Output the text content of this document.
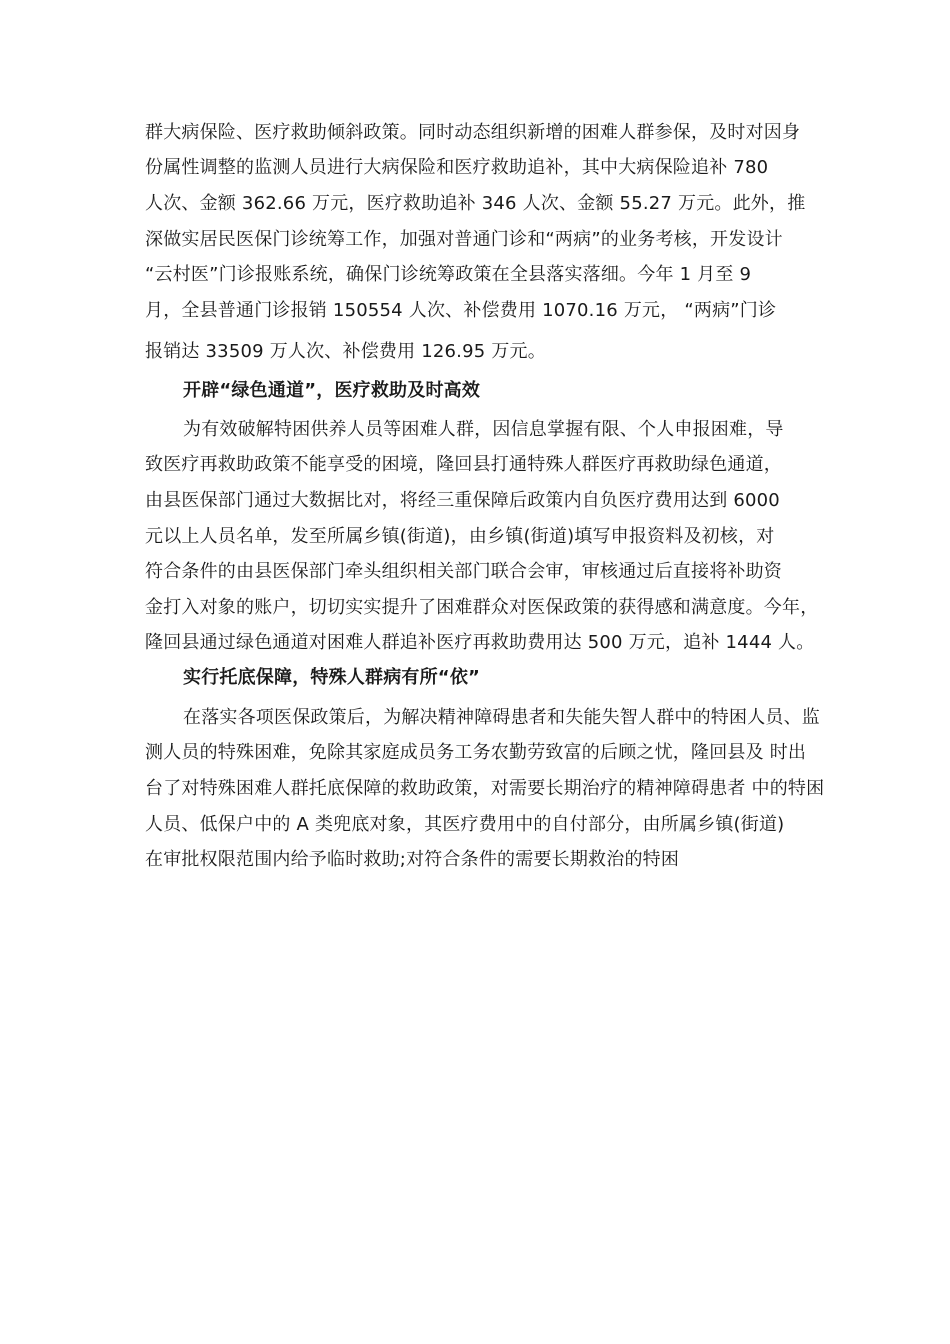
群大病保险、医疗救助倾斜政策。同时动态组织新增的困难人群参保，及时对因身
份属性调整的监测人员进行大病保险和医疗救助追补，其中大病保险追补 780
人次、金额 362.66 万元，医疗救助追补 346 人次、金额 55.27 万元。此外，推
深做实居民医保门诊统筹工作，加强对普通门诊和“两病”的业务考核，开发设计
“云村医”门诊报账系统，确保门诊统筹政策在全县落实落细。今年 1 月至 9
月，全县普通门诊报销 150554 人次、补偿费用 1070.16 万元， “两病”门诊
报销达 33509 万人次、补偿费用 126.95 万元。
开辟“绿色通道”，医疗救助及时高效
为有效破解特困供养人员等困难人群，因信息掌握有限、个人申报困难，导
致医疗再救助政策不能享受的困境，隆回县打通特殊人群医疗再救助绿色通道，
由县医保部门通过大数据比对，将经三重保障后政策内自负医疗费用达到 6000
元以上人员名单，发至所属乡镇(街道)，由乡镇(街道)填写申报资料及初核，对
符合条件的由县医保部门牵头组织相关部门联合会审，审核通过后直接将补助资
金打入对象的账户，切切实实提升了困难群众对医保政策的获得感和满意度。今年，
隆回县通过绿色通道对困难人群追补医疗再救助费用达 500 万元，追补 1444 人。
实行托底保障，特殊人群病有所“依”
在落实各项医保政策后，为解决精神障碍患者和失能失智人群中的特困人员、监
测人员的特殊困难，免除其家庭成员务工务农勤劳致富的后顾之忧，隆回县及 时出
台了对特殊困难人群托底保障的救助政策，对需要长期治疗的精神障碍患者 中的特困
人员、低保户中的 A 类兜底对象，其医疗费用中的自付部分，由所属乡镇(街道)
在审批权限范围内给予临时救助;对符合条件的需要长期救治的特困
